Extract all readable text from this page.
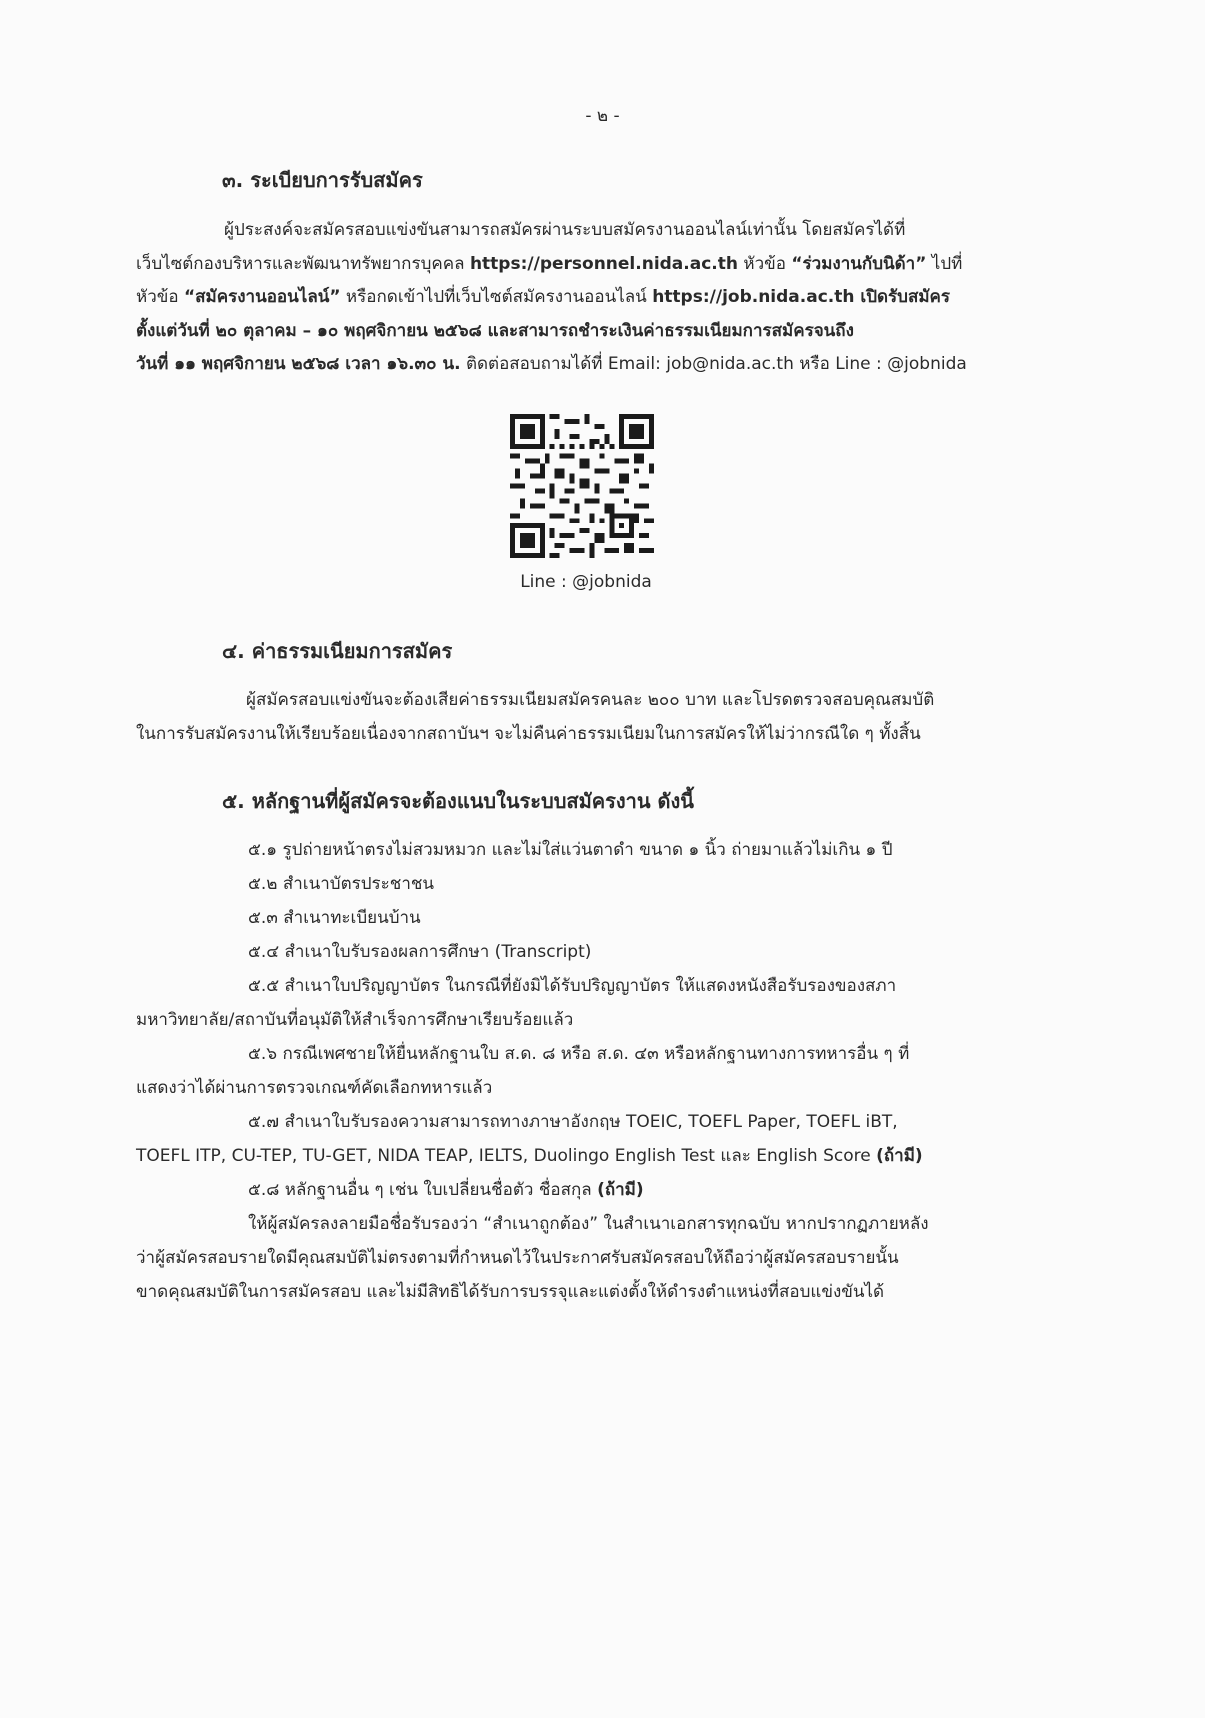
- ๒ -
๓. ระเบียบการรับสมัคร
ผู้ประสงค์จะสมัครสอบแข่งขันสามารถสมัครผ่านระบบสมัครงานออนไลน์เท่านั้น โดยสมัครได้ที่
เว็บไซต์กองบริหารและพัฒนาทรัพยากรบุคคล https://personnel.nida.ac.th หัวข้อ “ร่วมงานกับนิด้า” ไปที่
หัวข้อ “สมัครงานออนไลน์” หรือกดเข้าไปที่เว็บไซต์สมัครงานออนไลน์ https://job.nida.ac.th เปิดรับสมัคร
ตั้งแต่วันที่ ๒๐ ตุลาคม – ๑๐ พฤศจิกายน ๒๕๖๘ และสามารถชำระเงินค่าธรรมเนียมการสมัครจนถึง
วันที่ ๑๑ พฤศจิกายน ๒๕๖๘ เวลา ๑๖.๓๐ น. ติดต่อสอบถามได้ที่ Email: job@nida.ac.th หรือ Line : @jobnida
Line : @jobnida
๔. ค่าธรรมเนียมการสมัคร
ผู้สมัครสอบแข่งขันจะต้องเสียค่าธรรมเนียมสมัครคนละ ๒๐๐ บาท และโปรดตรวจสอบคุณสมบัติ
ในการรับสมัครงานให้เรียบร้อยเนื่องจากสถาบันฯ จะไม่คืนค่าธรรมเนียมในการสมัครให้ไม่ว่ากรณีใด ๆ ทั้งสิ้น
๕. หลักฐานที่ผู้สมัครจะต้องแนบในระบบสมัครงาน ดังนี้
๕.๑ รูปถ่ายหน้าตรงไม่สวมหมวก และไม่ใส่แว่นตาดำ ขนาด ๑ นิ้ว ถ่ายมาแล้วไม่เกิน ๑ ปี
๕.๒ สำเนาบัตรประชาชน
๕.๓ สำเนาทะเบียนบ้าน
๕.๔ สำเนาใบรับรองผลการศึกษา (Transcript)
๕.๕ สำเนาใบปริญญาบัตร ในกรณีที่ยังมิได้รับปริญญาบัตร ให้แสดงหนังสือรับรองของสภา
มหาวิทยาลัย/สถาบันที่อนุมัติให้สำเร็จการศึกษาเรียบร้อยแล้ว
๕.๖ กรณีเพศชายให้ยื่นหลักฐานใบ ส.ด. ๘ หรือ ส.ด. ๔๓ หรือหลักฐานทางการทหารอื่น ๆ ที่
แสดงว่าได้ผ่านการตรวจเกณฑ์คัดเลือกทหารแล้ว
๕.๗ สำเนาใบรับรองความสามารถทางภาษาอังกฤษ TOEIC, TOEFL Paper, TOEFL iBT,
TOEFL ITP, CU-TEP, TU-GET, NIDA TEAP, IELTS, Duolingo English Test และ English Score (ถ้ามี)
๕.๘ หลักฐานอื่น ๆ เช่น ใบเปลี่ยนชื่อตัว ชื่อสกุล (ถ้ามี)
ให้ผู้สมัครลงลายมือชื่อรับรองว่า “สำเนาถูกต้อง” ในสำเนาเอกสารทุกฉบับ หากปรากฏภายหลัง
ว่าผู้สมัครสอบรายใดมีคุณสมบัติไม่ตรงตามที่กำหนดไว้ในประกาศรับสมัครสอบให้ถือว่าผู้สมัครสอบรายนั้น
ขาดคุณสมบัติในการสมัครสอบ และไม่มีสิทธิได้รับการบรรจุและแต่งตั้งให้ดำรงตำแหน่งที่สอบแข่งขันได้
